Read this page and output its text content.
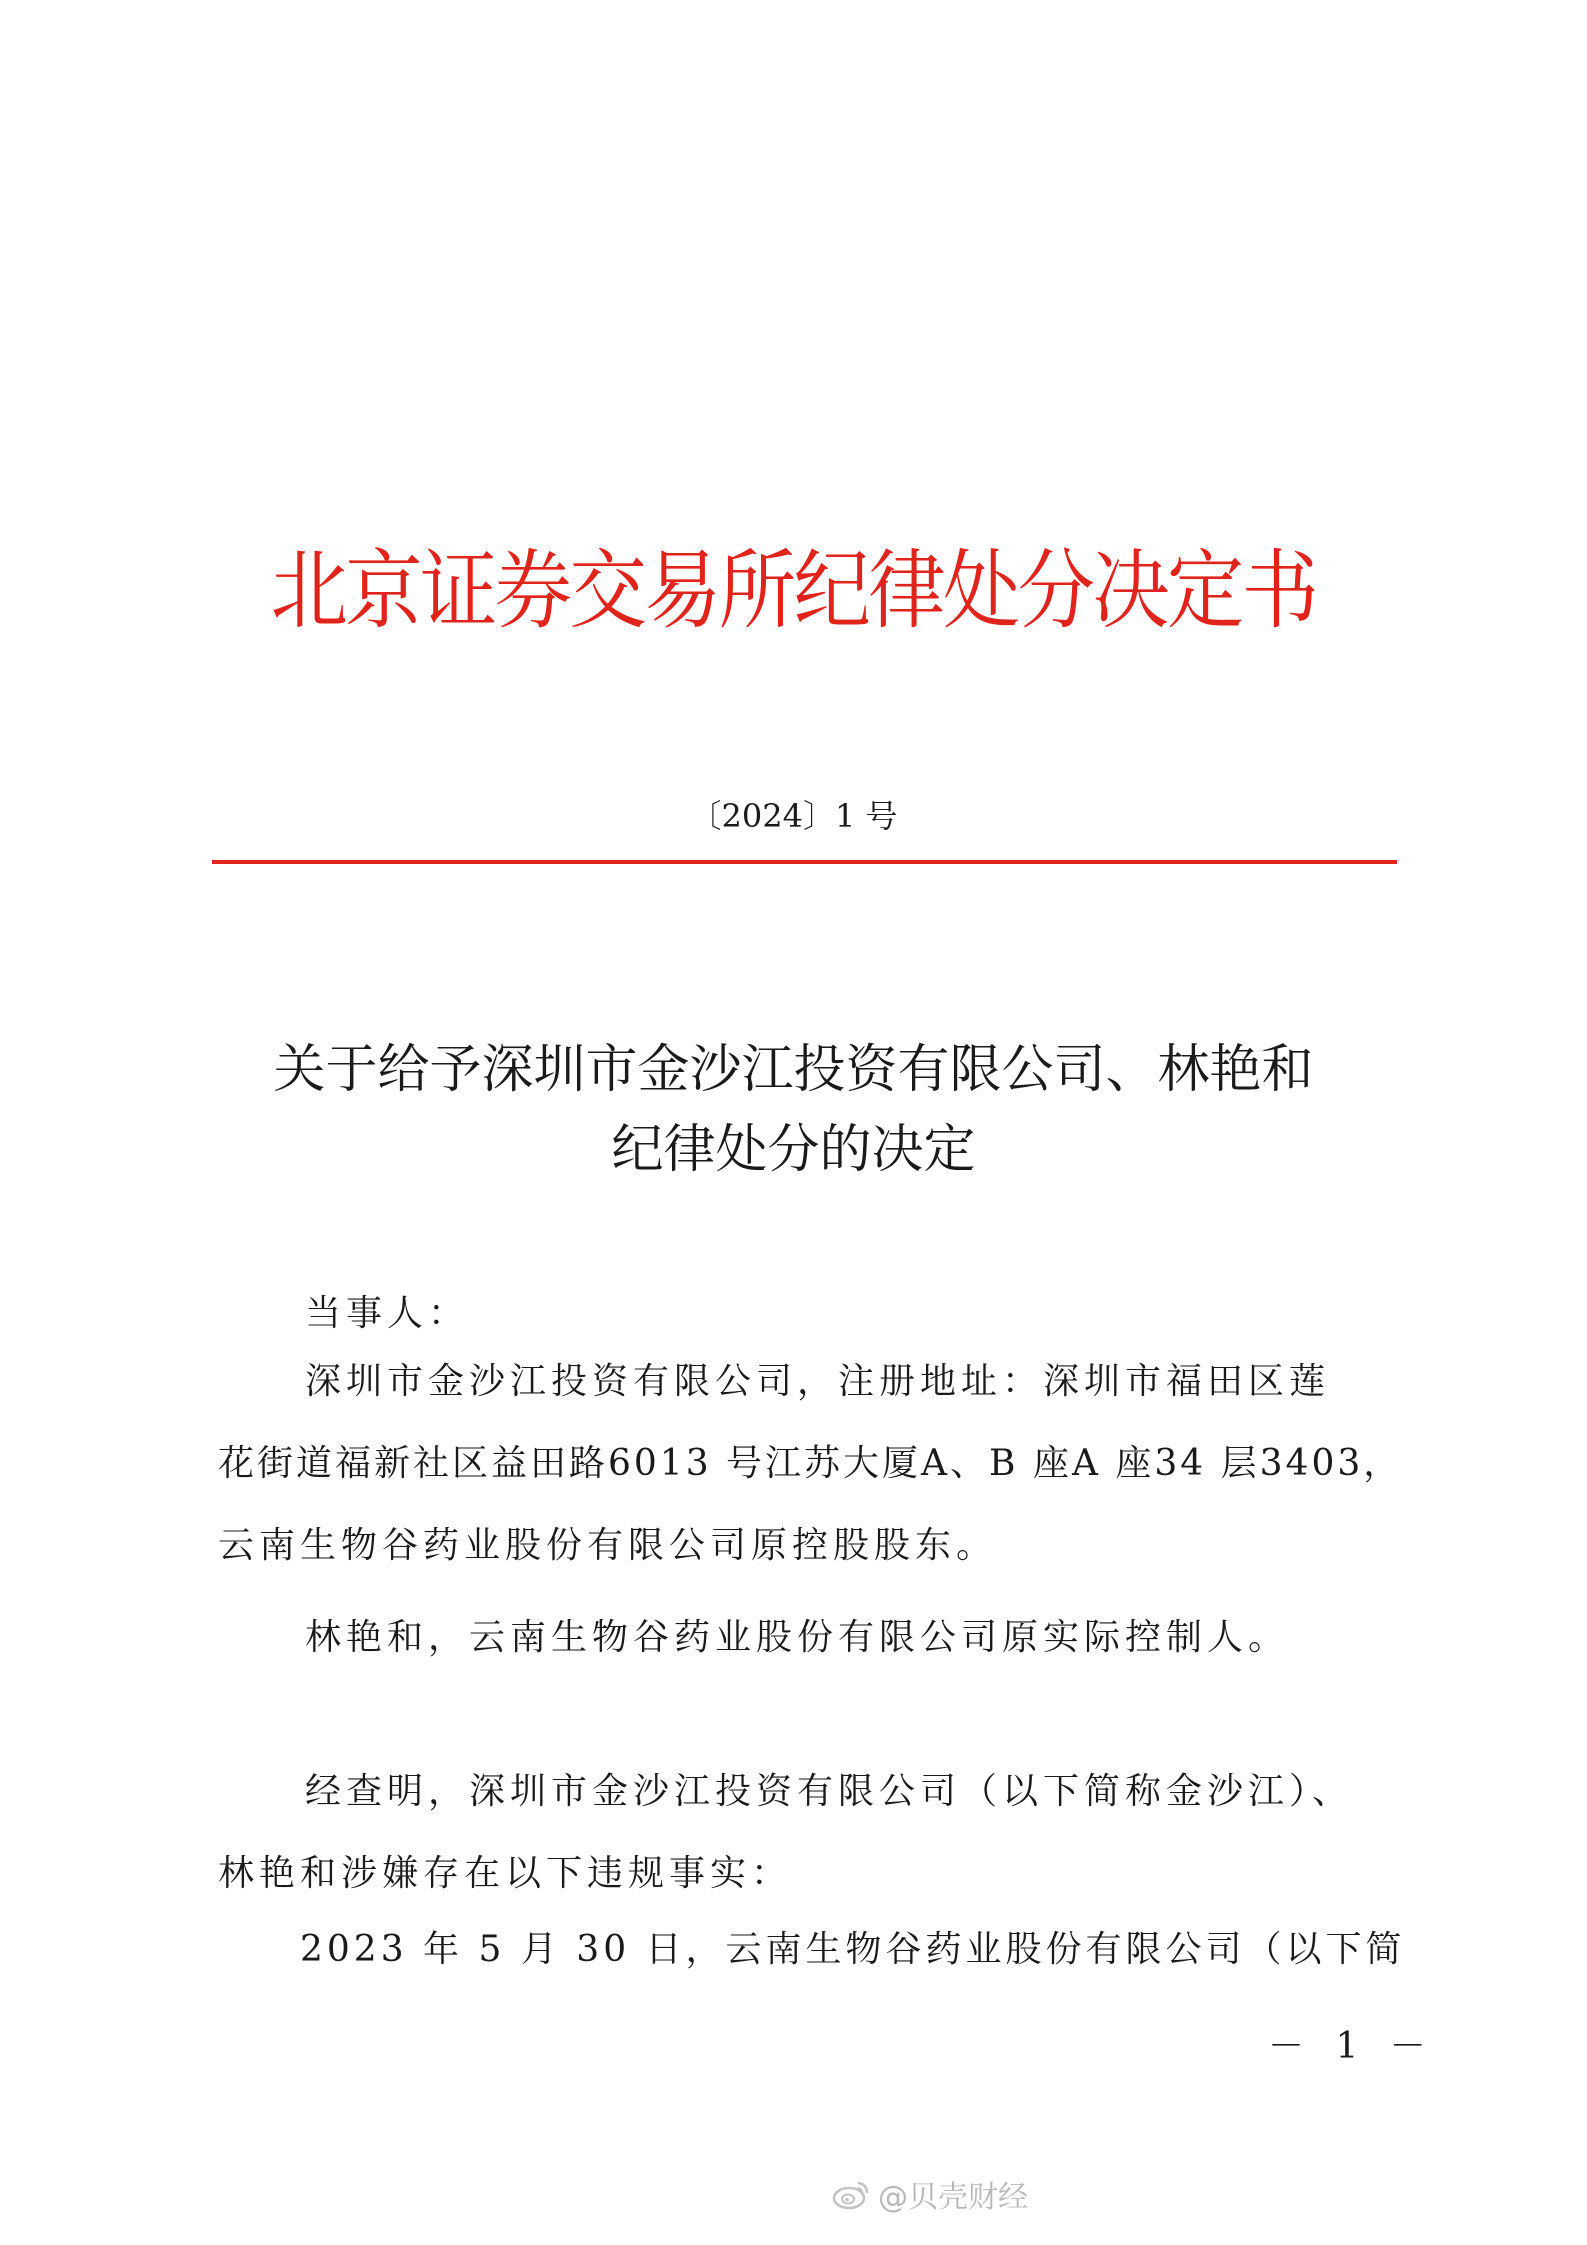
北京证券交易所纪律处分决定书
〔2024〕1 号
关于给予深圳市金沙江投资有限公司、林艳和
纪律处分的决定
当事人：
深圳市金沙江投资有限公司，注册地址：深圳市福田区莲
花街道福新社区益田路6013 号江苏大厦A、B 座A 座34 层3403，
云南生物谷药业股份有限公司原控股股东。
林艳和，云南生物谷药业股份有限公司原实际控制人。
经查明，深圳市金沙江投资有限公司（以下简称金沙江）、
林艳和涉嫌存在以下违规事实：
2023 年 5 月 30 日，云南生物谷药业股份有限公司（以下简
－ 1 －
@贝壳财经
